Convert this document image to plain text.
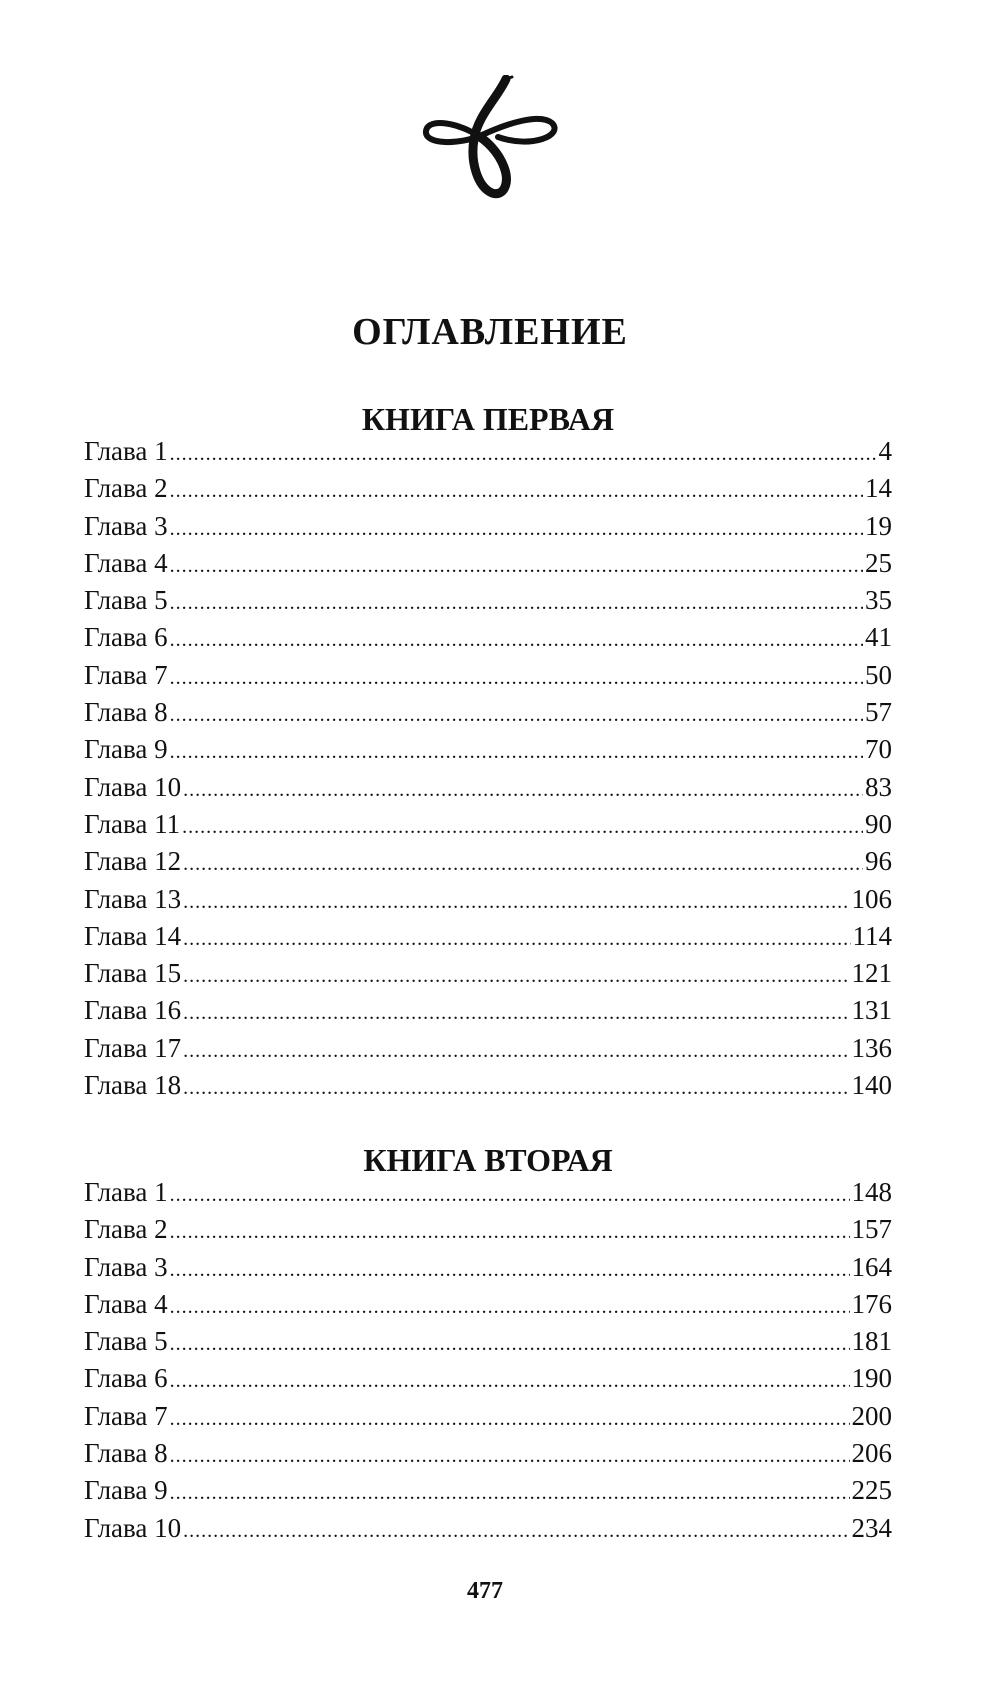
ОГЛАВЛЕНИЕ
КНИГА ПЕРВАЯ
Глава 1 .....	4
Глава 2 .....	14
Глава 3 .....	19
Глава 4 .....	25
Глава 5 .....	35
Глава 6 .....	41
Глава 7 .....	50
Глава 8 .....	57
Глава 9 .....	70
Глава 10 .....	83
Глава 11 .....	90
Глава 12 .....	96
Глава 13 .....	106
Глава 14 .....	114
Глава 15 .....	121
Глава 16 .....	131
Глава 17 .....	136
Глава 18 .....	140
КНИГА ВТОРАЯ
Глава 1 .....	148
Глава 2 .....	157
Глава 3 .....	164
Глава 4 .....	176
Глава 5 .....	181
Глава 6 .....	190
Глава 7 .....	200
Глава 8 .....	206
Глава 9 .....	225
Глава 10 .....	234
477
